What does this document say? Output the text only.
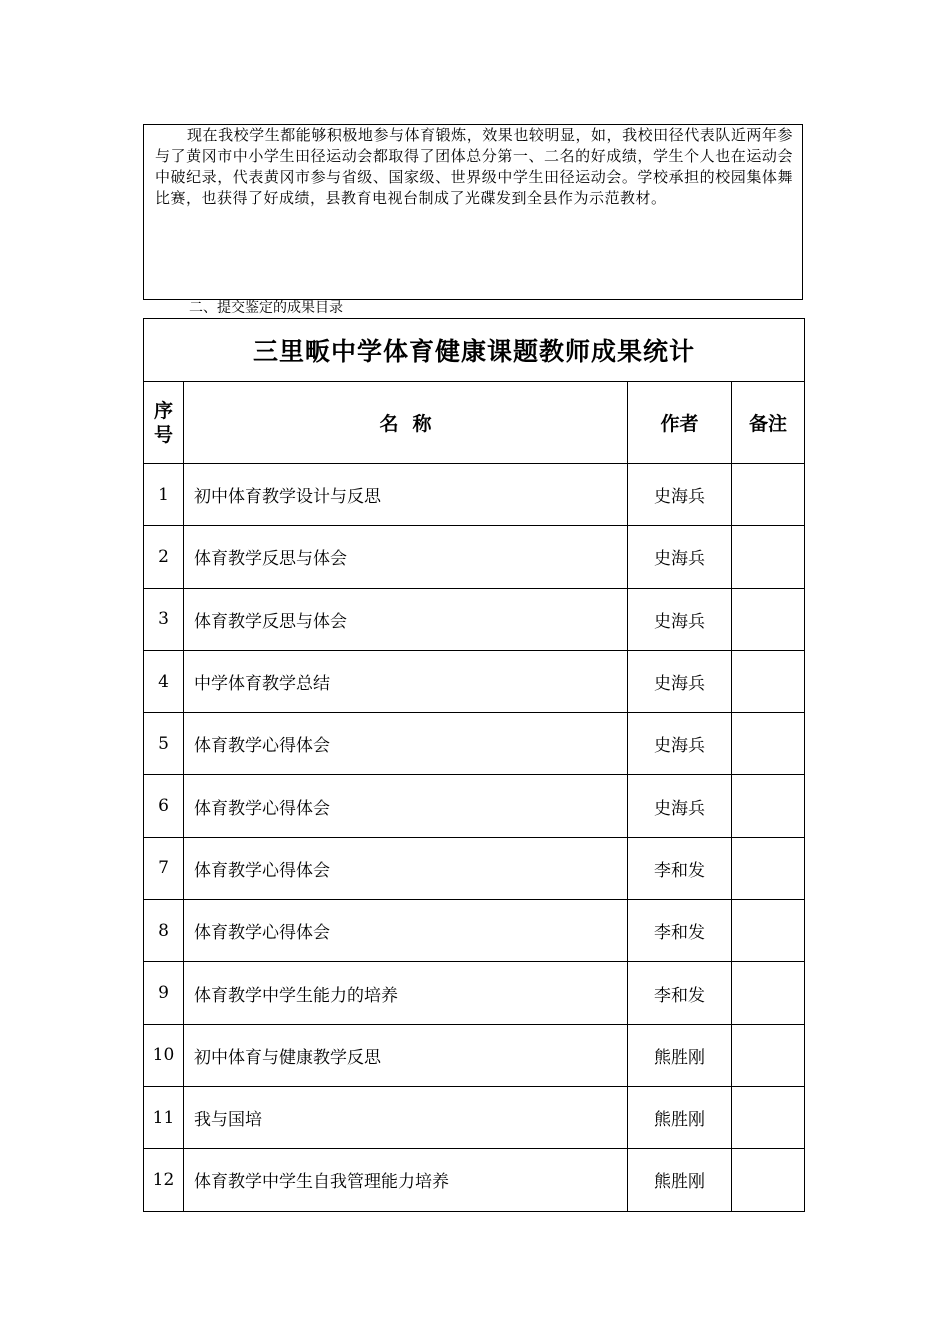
现在我校学生都能够积极地参与体育锻炼，效果也较明显，如，我校田径代表队近两年参与了黄冈市中小学生田径运动会都取得了团体总分第一、二名的好成绩，学生个人也在运动会中破纪录，代表黄冈市参与省级、国家级、世界级中学生田径运动会。学校承担的校园集体舞比赛，也获得了好成绩，县教育电视台制成了光碟发到全县作为示范教材。

二、提交鉴定的成果目录
三里畈中学体育健康课题教师成果统计			

序
号	名 称	作者	备注
1	初中体育教学设计与反思	史海兵	
2	体育教学反思与体会	史海兵	
3	体育教学反思与体会	史海兵	
4	中学体育教学总结	史海兵	
5	体育教学心得体会	史海兵	
6	体育教学心得体会	史海兵	
7	体育教学心得体会	李和发	
8	体育教学心得体会	李和发	
9	体育教学中学生能力的培养	李和发	
10	初中体育与健康教学反思	熊胜刚	
11	我与国培	熊胜刚	
12	体育教学中学生自我管理能力培养	熊胜刚	
